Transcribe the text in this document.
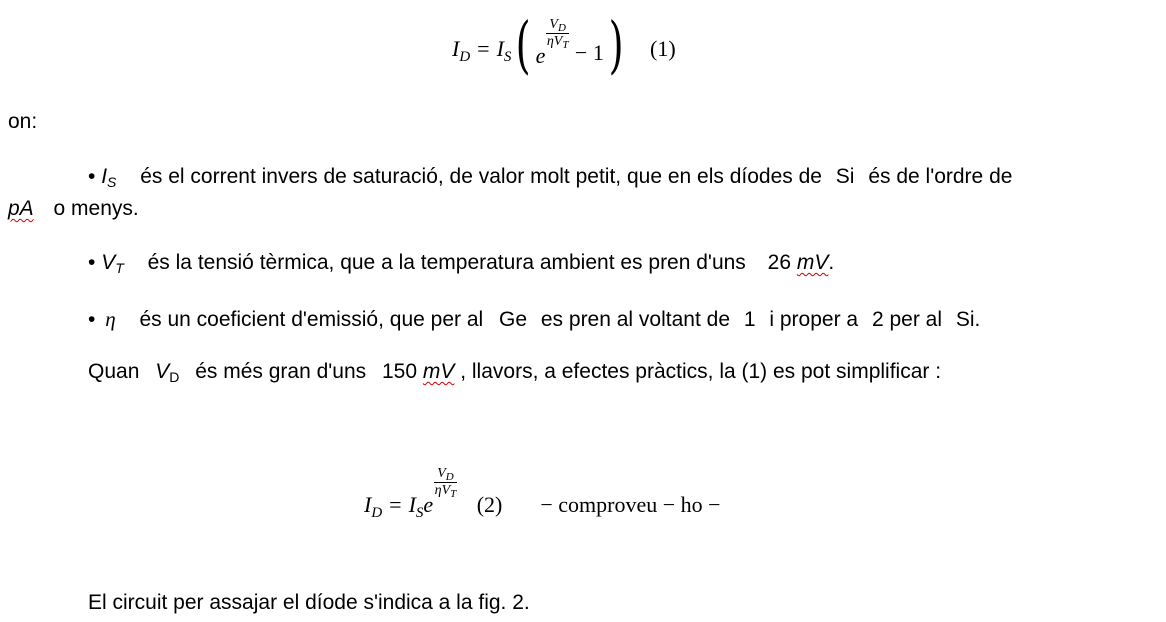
$I_D = I_S$ ( e
$\frac{V_D}{\eta V_T}$
− 1 ) (1)
on:
• IS és el corrent invers de saturació, de valor molt petit, que en els díodes de Si és de l'ordre de
pA o menys.
• VT és la tensió tèrmica, que a la temperatura ambient es pren d'uns 26 mV.
• η és un coeficient d'emissió, que per al Ge es pren al voltant de 1 i proper a 2 per al Si.
Quan VD és més gran d'uns 150 mV , llavors, a efectes pràctics, la (1) es pot simplificar :
$I_D = I_S$ e
$\frac{V_D}{\eta V_T}$
(2) − comproveu − ho −
El circuit per assajar el díode s'indica a la fig. 2.
